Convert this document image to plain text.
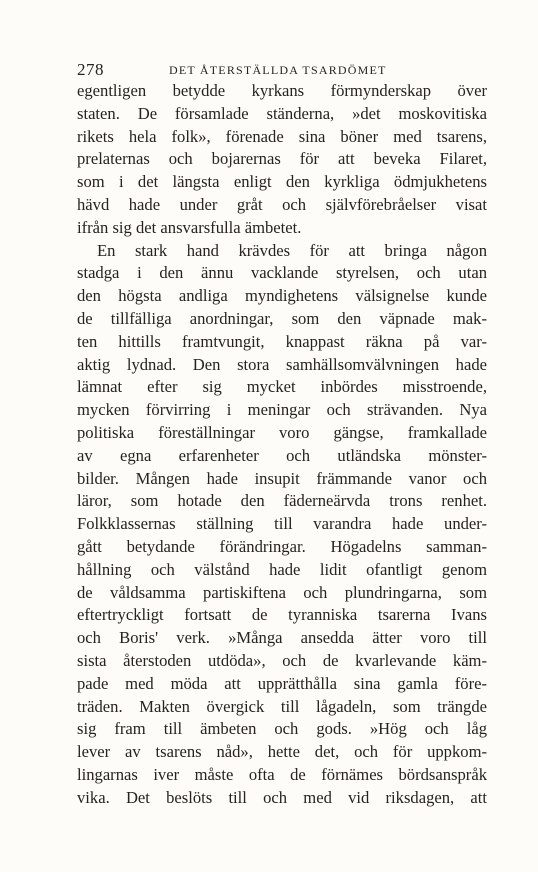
278	DET ÅTERSTÄLLDA TSARDÖMET
egentligen betydde kyrkans förmynderskap över
staten. De församlade ständerna, »det moskovitiska
rikets hela folk», förenade sina böner med tsarens,
prelaternas och bojarernas för att beveka Filaret,
som i det längsta enligt den kyrkliga ödmjukhetens
hävd hade under gråt och självförebråelser visat
ifrån sig det ansvarsfulla ämbetet.
En stark hand krävdes för att bringa någon
stadga i den ännu vacklande styrelsen, och utan
den högsta andliga myndighetens välsignelse kunde
de tillfälliga anordningar, som den väpnade mak-
ten hittills framtvungit, knappast räkna på var-
aktig lydnad. Den stora samhällsomvälvningen hade
lämnat efter sig mycket inbördes misstroende,
mycken förvirring i meningar och strävanden. Nya
politiska föreställningar voro gängse, framkallade
av egna erfarenheter och utländska mönster-
bilder. Mången hade insupit främmande vanor och
läror, som hotade den fäderneärvda trons renhet.
Folkklassernas ställning till varandra hade under-
gått betydande förändringar. Högadelns samman-
hållning och välstånd hade lidit ofantligt genom
de våldsamma partiskiftena och plundringarna, som
eftertryckligt fortsatt de tyranniska tsarerna Ivans
och Boris' verk. »Många ansedda ätter voro till
sista återstoden utdöda», och de kvarlevande käm-
pade med möda att upprätthålla sina gamla före-
träden. Makten övergick till lågadeln, som trängde
sig fram till ämbeten och gods. »Hög och låg
lever av tsarens nåd», hette det, och för uppkom-
lingarnas iver måste ofta de förnämes bördsanspråk
vika. Det beslöts till och med vid riksdagen, att
